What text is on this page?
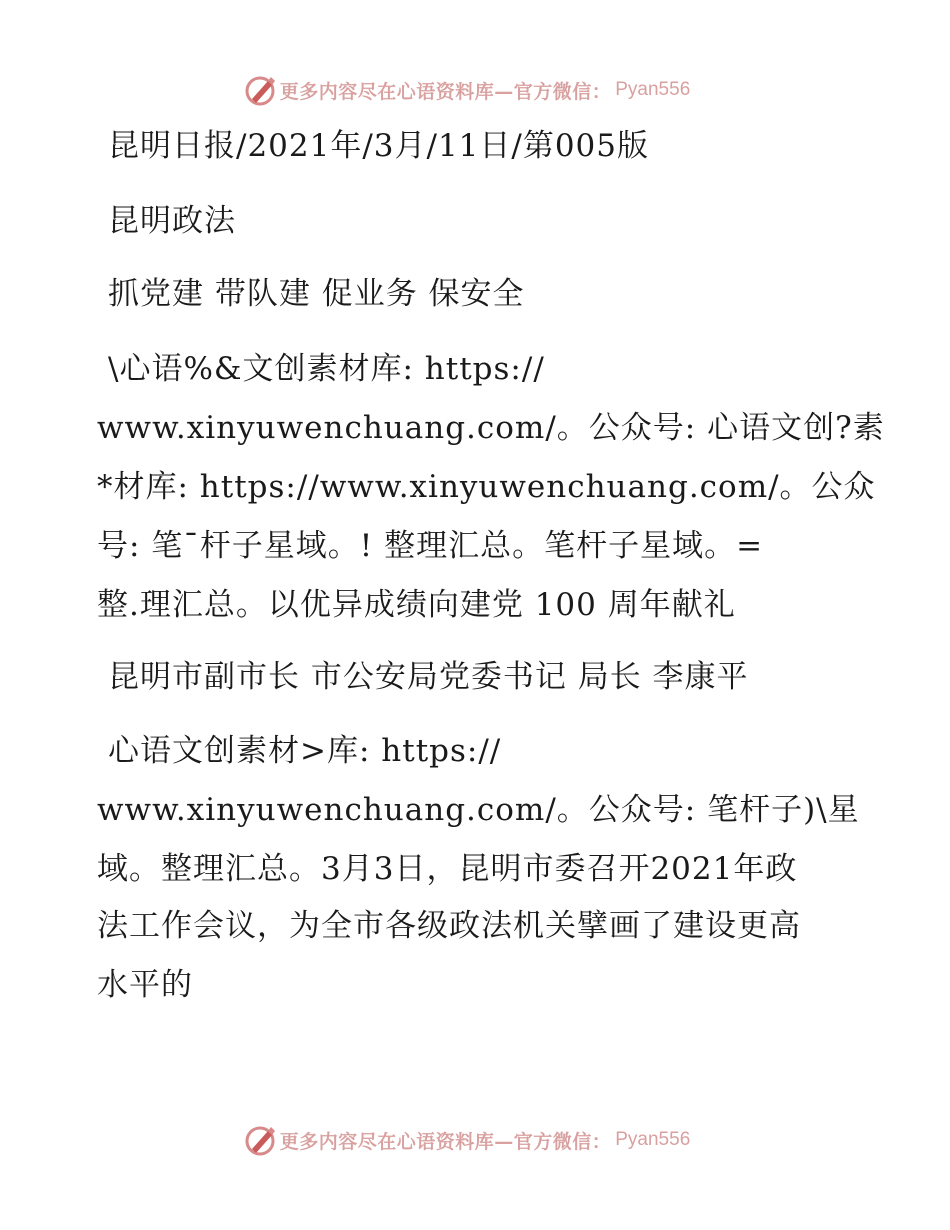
更多内容尽在心语资料库—官方微信： Pyan556
昆明日报/2021年/3月/11日/第005版
昆明政法
抓党建 带队建 促业务 保安全
\心语%&文创素材库: https://
www.xinyuwenchuang.com/。公众号: 心语文创?素
*材库: https://www.xinyuwenchuang.com/。公众
号: 笔¯杆子星域。! 整理汇总。笔杆子星域。=
整.理汇总。以优异成绩向建党 100 周年献礼
昆明市副市长 市公安局党委书记 局长 李康平
心语文创素材>库: https://
www.xinyuwenchuang.com/。公众号: 笔杆子)\星
域。整理汇总。3月3日，昆明市委召开2021年政
法工作会议，为全市各级政法机关擘画了建设更高
水平的
更多内容尽在心语资料库—官方微信： Pyan556
